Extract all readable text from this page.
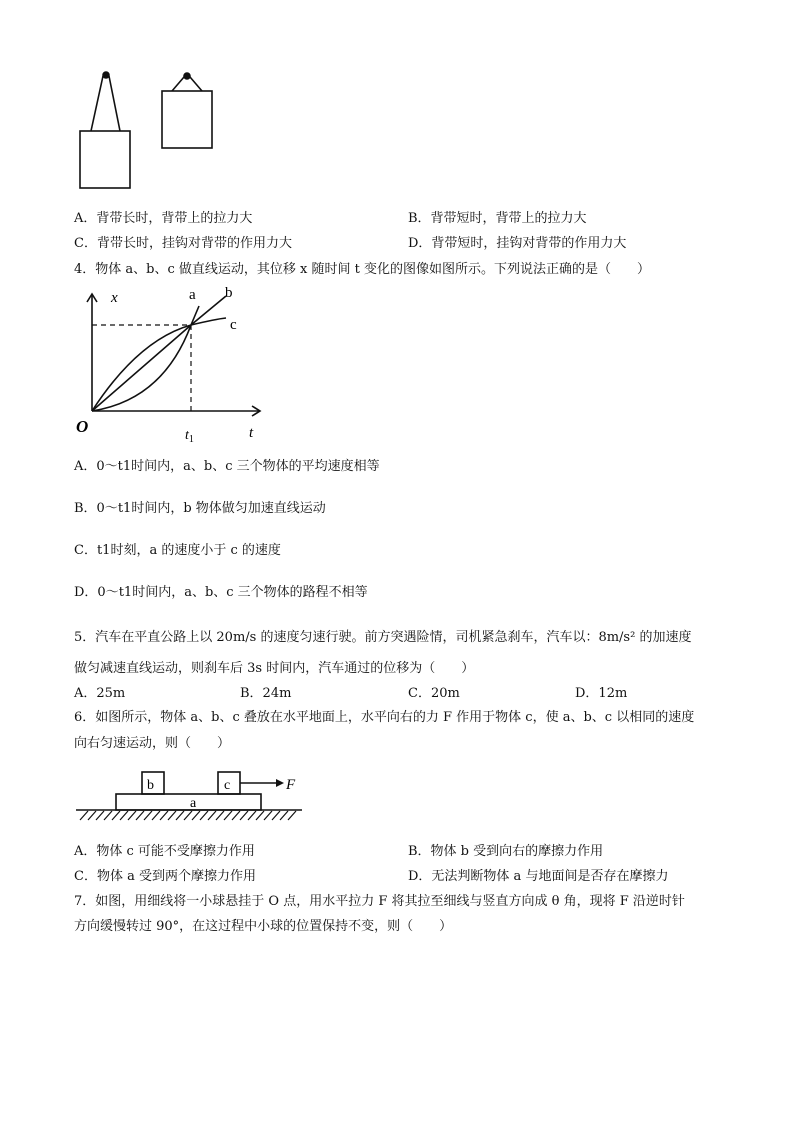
A．背带长时，背带上的拉力大	B．背带短时，背带上的拉力大
C．背带长时，挂钩对背带的作用力大	D．背带短时，挂钩对背带的作用力大
4．物体 a、b、c 做直线运动，其位移 x 随时间 t 变化的图像如图所示。下列说法正确的是（　　）
x
O	t
$t_1$
a b
c
A．0～t1时间内，a、b、c 三个物体的平均速度相等
B．0～t1时间内，b 物体做匀加速直线运动
C．t1时刻，a 的速度小于 c 的速度
D．0～t1时间内，a、b、c 三个物体的路程不相等
5．汽车在平直公路上以 20m/s 的速度匀速行驶。前方突遇险情，司机紧急刹车，汽车以：8m/s² 的加速度
做匀减速直线运动，则刹车后 3s 时间内，汽车通过的位移为（　　）
A．25m	B．24m	C．20m	D．12m
6．如图所示，物体 a、b、c 叠放在水平地面上，水平向右的力 F 作用于物体 c，使 a、b、c 以相同的速度
向右匀速运动，则（　　）
b	c
a
F
A．物体 c 可能不受摩擦力作用	B．物体 b 受到向右的摩擦力作用
C．物体 a 受到两个摩擦力作用	D．无法判断物体 a 与地面间是否存在摩擦力
7．如图，用细线将一小球悬挂于 O 点，用水平拉力 F 将其拉至细线与竖直方向成 θ 角，现将 F 沿逆时针
方向缓慢转过 90°，在这过程中小球的位置保持不变，则（　　）
